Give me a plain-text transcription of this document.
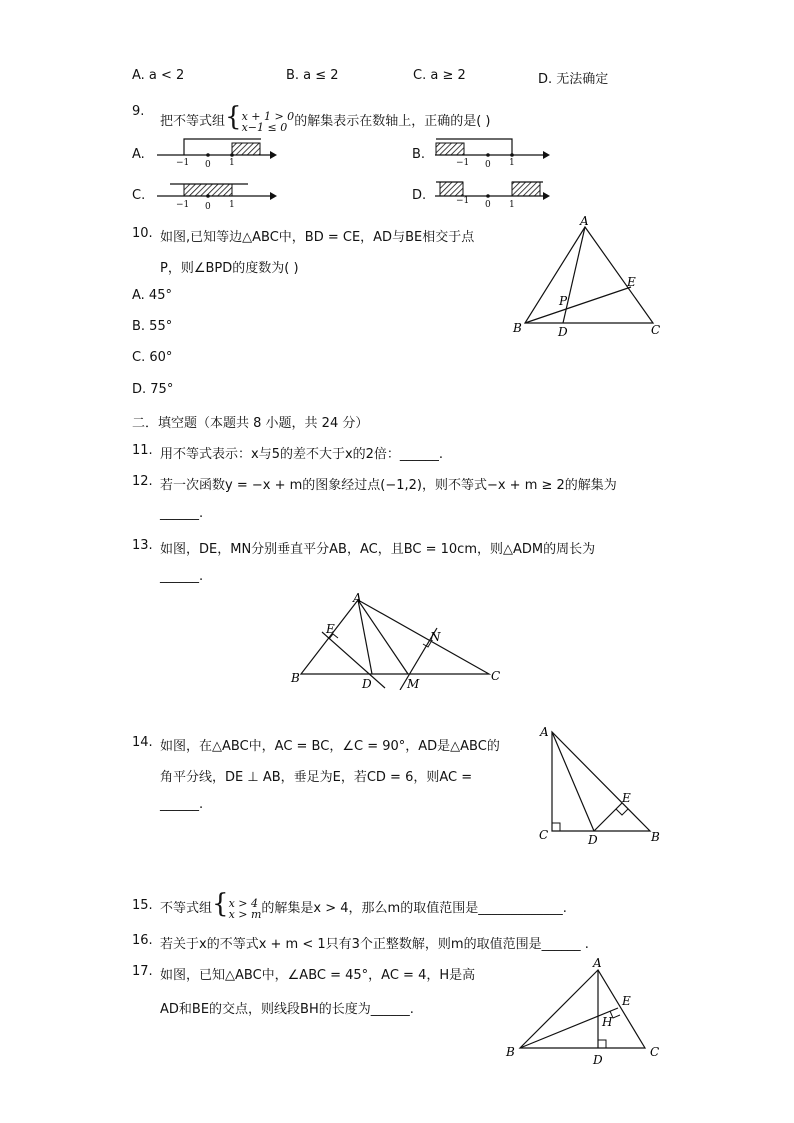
A. a < 2	B. a ≤ 2	C. a ≥ 2	D. 无法确定
9.
把不等式组{x + 1 > 0
x−1 ≤ 0 的解集表示在数轴上，正确的是( )
A.	B.
C.	D.
−1 0 1	−1 0 1
−1 0 1	−1 0 1
10. 如图,已知等边△ABC中，BD = CE，AD与BE相交于点
P，则∠BPD的度数为( )
A. 45°
B. 55°
C. 60°
D. 75°
A
B	C
D
E
P
二．填空题（本题共 8 小题，共 24 分）
11. 用不等式表示：x与5的差不大于x的2倍：______.
12. 若一次函数y = −x + m的图象经过点(−1,2)，则不等式−x + m ≥ 2的解集为
______.
13. 如图，DE，MN分别垂直平分AB，AC，且BC = 10cm，则△ADM的周长为
______.
A
B	C
D
E
M
N
14. 如图，在△ABC中，AC = BC，∠C = 90°，AD是△ABC的
角平分线，DE ⊥ AB，垂足为E，若CD = 6，则AC =
______.
A
C	D	B
E
15. 不等式组{x > 4
x > m的解集是x > 4，那么m的取值范围是_____________.
16. 若关于x的不等式x + m < 1只有3个正整数解，则m的取值范围是______ .
17. 如图，已知△ABC中，∠ABC = 45°，AC = 4，H是高
AD和BE的交点，则线段BH的长度为______.
A
B	C
D
E
H
